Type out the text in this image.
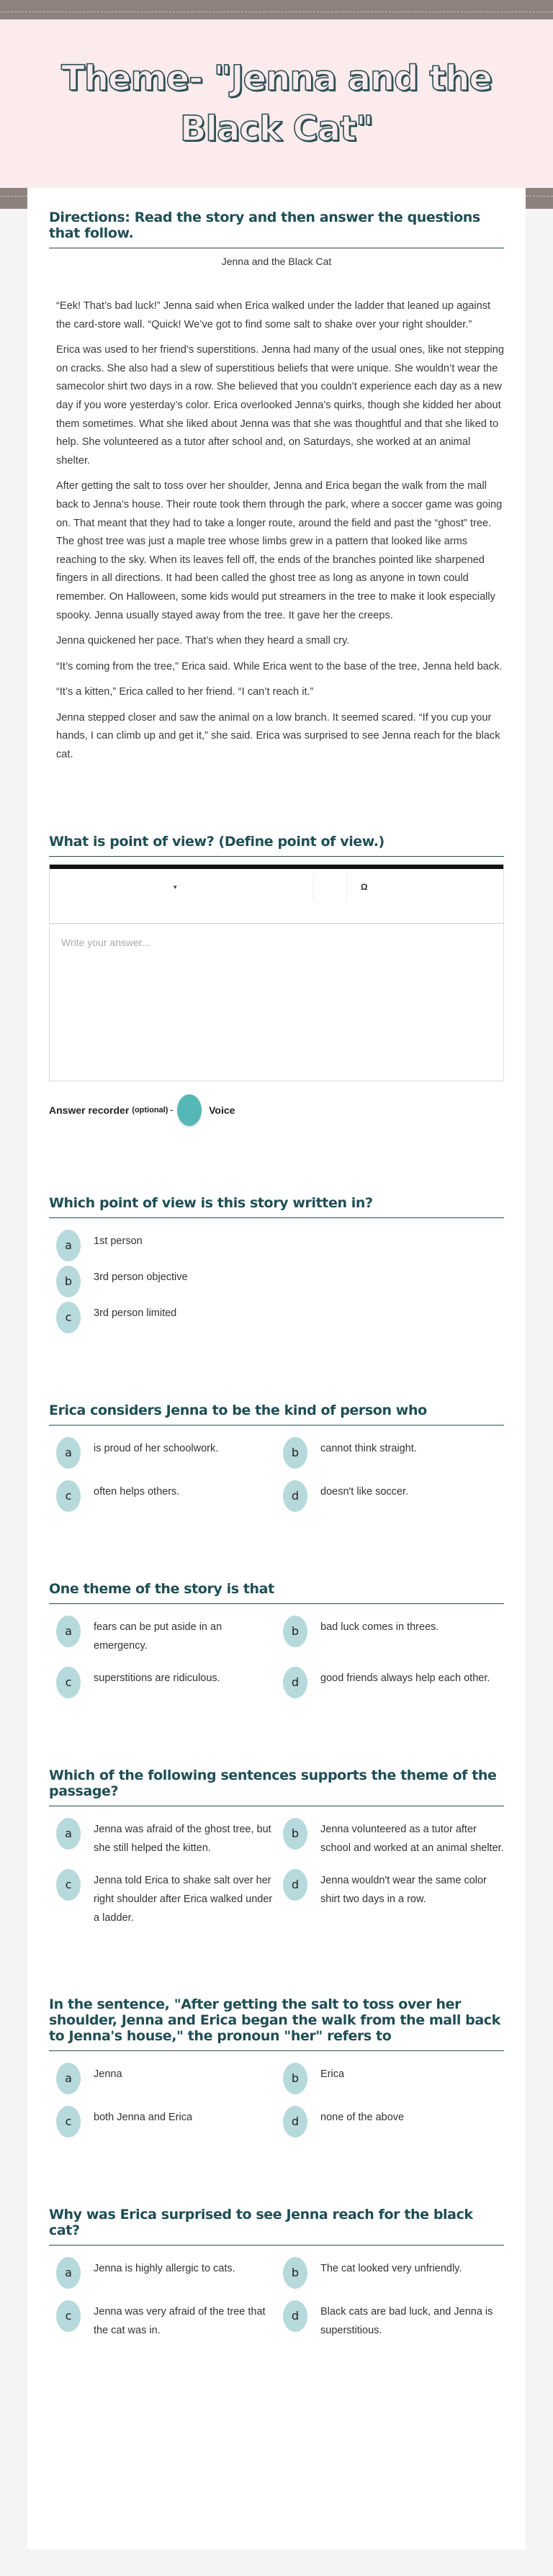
Theme- "Jenna and the Black Cat"
Directions: Read the story and then answer the questions that follow.
Jenna and the Black Cat

“Eek! That’s bad luck!” Jenna said when Erica walked under the ladder that leaned up against the card-store wall. “Quick! We’ve got to find some salt to shake over your right shoulder.”

Erica was used to her friend’s superstitions. Jenna had many of the usual ones, like not stepping on cracks. She also had a slew of superstitious beliefs that were unique. She wouldn’t wear the samecolor shirt two days in a row. She believed that you couldn’t experience each day as a new day if you wore yesterday’s color. Erica overlooked Jenna’s quirks, though she kidded her about them sometimes. What she liked about Jenna was that she was thoughtful and that she liked to help. She volunteered as a tutor after school and, on Saturdays, she worked at an animal shelter.

After getting the salt to toss over her shoulder, Jenna and Erica began the walk from the mall back to Jenna’s house. Their route took them through the park, where a soccer game was going on. That meant that they had to take a longer route, around the field and past the “ghost” tree. The ghost tree was just a maple tree whose limbs grew in a pattern that looked like arms reaching to the sky. When its leaves fell off, the ends of the branches pointed like sharpened fingers in all directions. It had been called the ghost tree as long as anyone in town could remember. On Halloween, some kids would put streamers in the tree to make it look especially spooky. Jenna usually stayed away from the tree. It gave her the creeps.

Jenna quickened her pace. That’s when they heard a small cry.

“It’s coming from the tree,” Erica said. While Erica went to the base of the tree, Jenna held back.

“It’s a kitten,” Erica called to her friend. “I can’t reach it.”

Jenna stepped closer and saw the animal on a low branch. It seemed scared. “If you cup your hands, I can climb up and get it,” she said. Erica was surprised to see Jenna reach for the black cat.

What is point of view? (Define point of view.)
▾	Ω
Write your answer...
Answer recorder (optional) -	Voice
Which point of view is this story written in?
a	1st person
b	3rd person objective
c	3rd person limited
Erica considers Jenna to be the kind of person who
a	is proud of her schoolwork.	b	cannot think straight.
c	often helps others.	d	doesn't like soccer.
One theme of the story is that
a	fears can be put aside in an emergency.
b	bad luck comes in threes.
c	superstitions are ridiculous.	d	good friends always help each other.
Which of the following sentences supports the theme of the passage?
a	Jenna was afraid of the ghost tree, but she still helped the kitten.
b	Jenna volunteered as a tutor after school and worked at an animal shelter.
c	Jenna told Erica to shake salt over her right shoulder after Erica walked under a ladder.
d	Jenna wouldn't wear the same color shirt two days in a row.
In the sentence, "After getting the salt to toss over her shoulder, Jenna and Erica began the walk from the mall back to Jenna's house," the pronoun "her" refers to
a	Jenna	b	Erica
c	both Jenna and Erica	d	none of the above
Why was Erica surprised to see Jenna reach for the black cat?
a	Jenna is highly allergic to cats.	b	The cat looked very unfriendly.
c	Jenna was very afraid of the tree that the cat was in.
d	Black cats are bad luck, and Jenna is superstitious.
